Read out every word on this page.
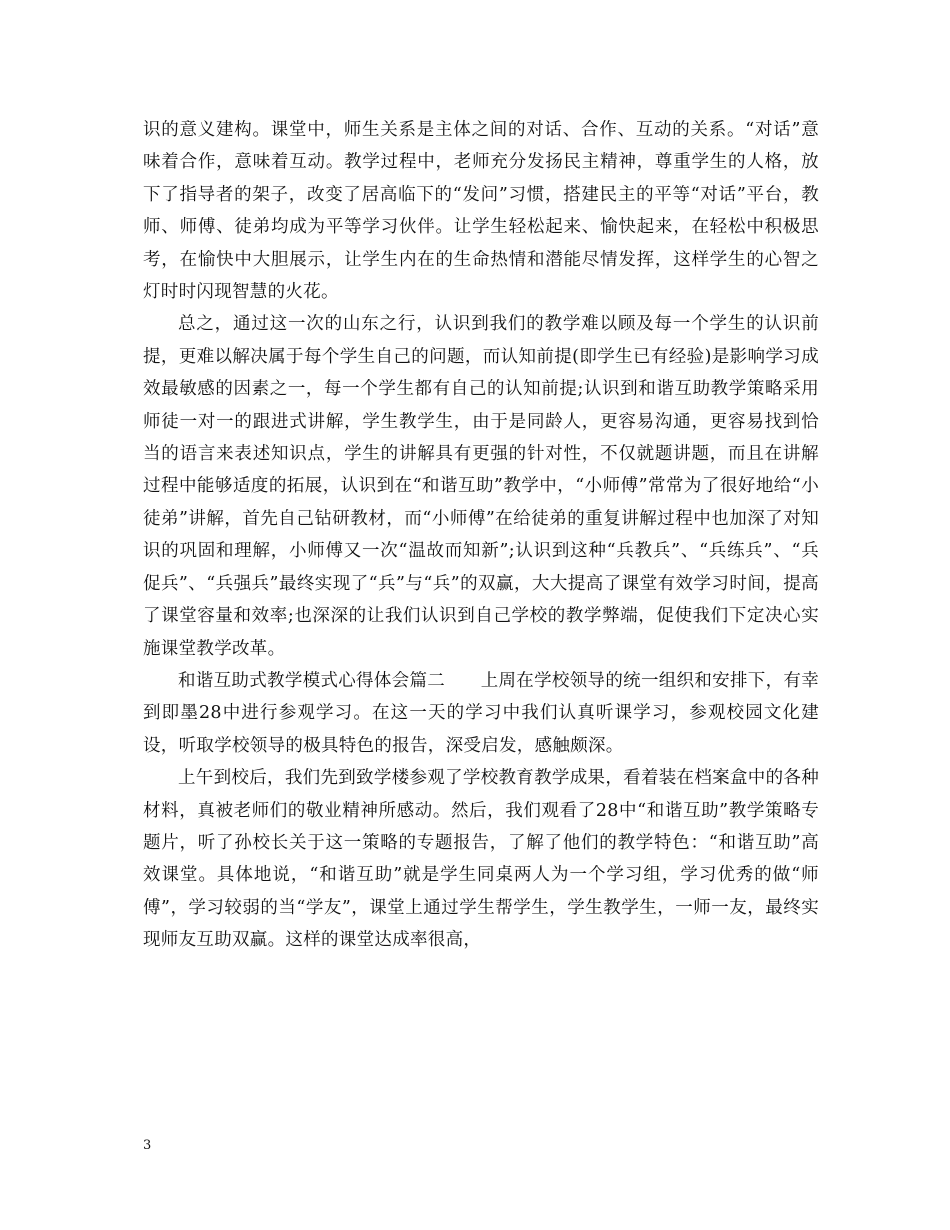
识的意义建构。课堂中，师生关系是主体之间的对话、合作、互动的关系。“对话”意味着合作，意味着互动。教学过程中，老师充分发扬民主精神，尊重学生的人格，放下了指导者的架子，改变了居高临下的“发问”习惯，搭建民主的平等“对话”平台，教师、师傅、徒弟均成为平等学习伙伴。让学生轻松起来、愉快起来，在轻松中积极思考，在愉快中大胆展示，让学生内在的生命热情和潜能尽情发挥，这样学生的心智之灯时时闪现智慧的火花。

总之，通过这一次的山东之行，认识到我们的教学难以顾及每一个学生的认识前提，更难以解决属于每个学生自己的问题，而认知前提(即学生已有经验)是影响学习成效最敏感的因素之一，每一个学生都有自己的认知前提;认识到和谐互助教学策略采用师徒一对一的跟进式讲解，学生教学生，由于是同龄人，更容易沟通，更容易找到恰当的语言来表述知识点，学生的讲解具有更强的针对性，不仅就题讲题，而且在讲解过程中能够适度的拓展，认识到在“和谐互助”教学中，“小师傅”常常为了很好地给“小徒弟”讲解，首先自己钻研教材，而“小师傅”在给徒弟的重复讲解过程中也加深了对知识的巩固和理解，小师傅又一次“温故而知新”;认识到这种“兵教兵”、“兵练兵”、“兵促兵”、“兵强兵”最终实现了“兵”与“兵”的双赢，大大提高了课堂有效学习时间，提高了课堂容量和效率;也深深的让我们认识到自己学校的教学弊端，促使我们下定决心实施课堂教学改革。

和谐互助式教学模式心得体会篇二　　上周在学校领导的统一组织和安排下，有幸到即墨28中进行参观学习。在这一天的学习中我们认真听课学习，参观校园文化建设，听取学校领导的极具特色的报告，深受启发，感触颇深。

上午到校后，我们先到致学楼参观了学校教育教学成果，看着装在档案盒中的各种材料，真被老师们的敬业精神所感动。然后，我们观看了28中“和谐互助”教学策略专题片，听了孙校长关于这一策略的专题报告，了解了他们的教学特色：“和谐互助”高效课堂。具体地说，“和谐互助”就是学生同桌两人为一个学习组，学习优秀的做“师傅”，学习较弱的当“学友”，课堂上通过学生帮学生，学生教学生，一师一友，最终实现师友互助双赢。这样的课堂达成率很高，

3
